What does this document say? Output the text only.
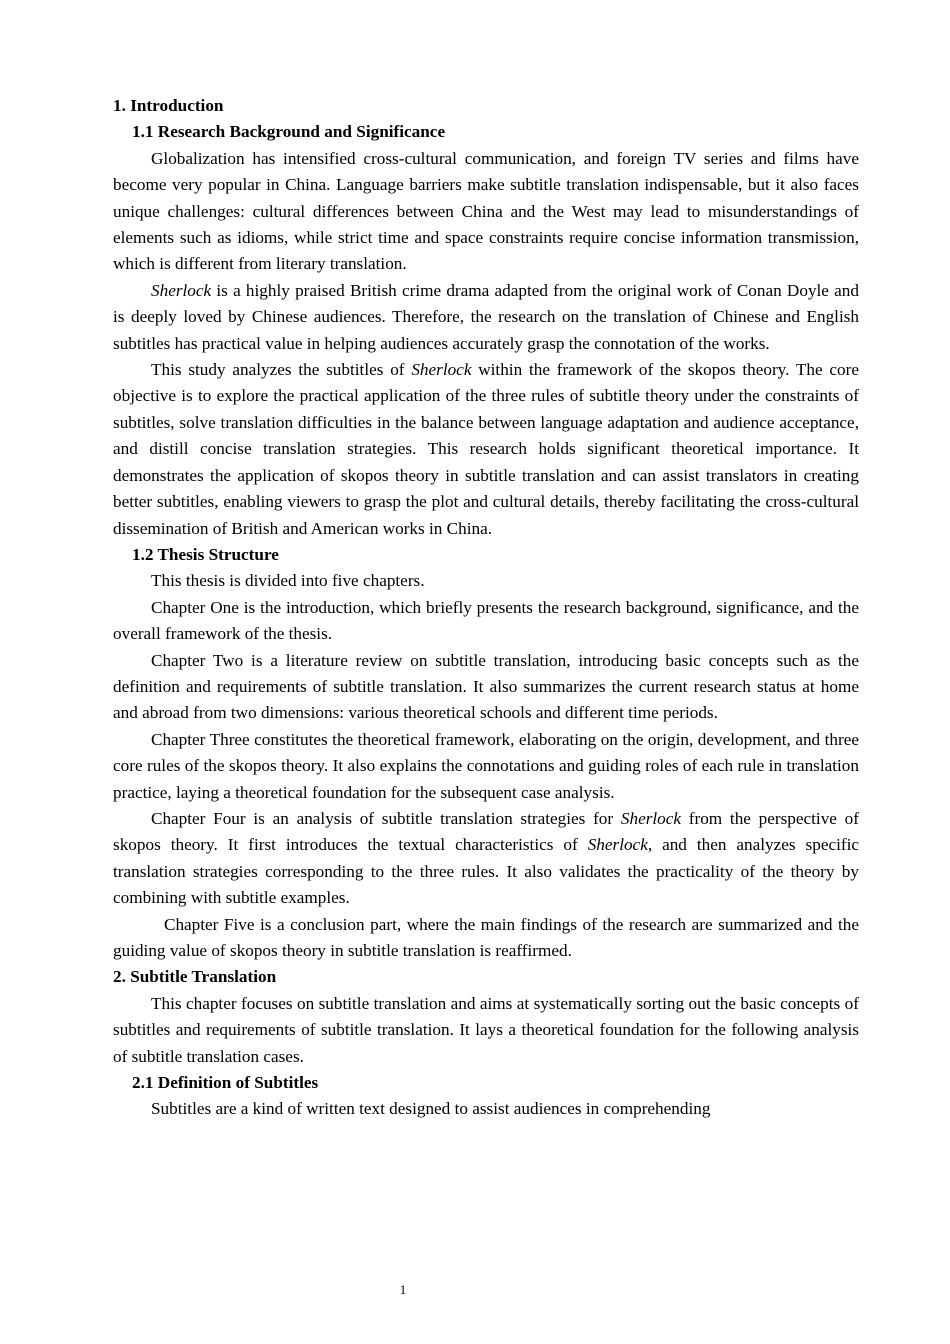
1. Introduction
1.1 Research Background and Significance

Globalization has intensified cross-cultural communication, and foreign TV series and films have become very popular in China. Language barriers make subtitle translation indispensable, but it also faces unique challenges: cultural differences between China and the West may lead to misunderstandings of elements such as idioms, while strict time and space constraints require concise information transmission, which is different from literary translation.

Sherlock is a highly praised British crime drama adapted from the original work of Conan Doyle and is deeply loved by Chinese audiences. Therefore, the research on the translation of Chinese and English subtitles has practical value in helping audiences accurately grasp the connotation of the works.

This study analyzes the subtitles of Sherlock within the framework of the skopos theory. The core objective is to explore the practical application of the three rules of subtitle theory under the constraints of subtitles, solve translation difficulties in the balance between language adaptation and audience acceptance, and distill concise translation strategies. This research holds significant theoretical importance. It demonstrates the application of skopos theory in subtitle translation and can assist translators in creating better subtitles, enabling viewers to grasp the plot and cultural details, thereby facilitating the cross-cultural dissemination of British and American works in China.

1.2 Thesis Structure

This thesis is divided into five chapters.

Chapter One is the introduction, which briefly presents the research background, significance, and the overall framework of the thesis.

Chapter Two is a literature review on subtitle translation, introducing basic concepts such as the definition and requirements of subtitle translation. It also summarizes the current research status at home and abroad from two dimensions: various theoretical schools and different time periods.

Chapter Three constitutes the theoretical framework, elaborating on the origin, development, and three core rules of the skopos theory. It also explains the connotations and guiding roles of each rule in translation practice, laying a theoretical foundation for the subsequent case analysis.

Chapter Four is an analysis of subtitle translation strategies for Sherlock from the perspective of skopos theory. It first introduces the textual characteristics of Sherlock, and then analyzes specific translation strategies corresponding to the three rules. It also validates the practicality of the theory by combining with subtitle examples.

Chapter Five is a conclusion part, where the main findings of the research are summarized and the guiding value of skopos theory in subtitle translation is reaffirmed.

2. Subtitle Translation

This chapter focuses on subtitle translation and aims at systematically sorting out the basic concepts of subtitles and requirements of subtitle translation. It lays a theoretical foundation for the following analysis of subtitle translation cases.

2.1 Definition of Subtitles

Subtitles are a kind of written text designed to assist audiences in comprehending

1
